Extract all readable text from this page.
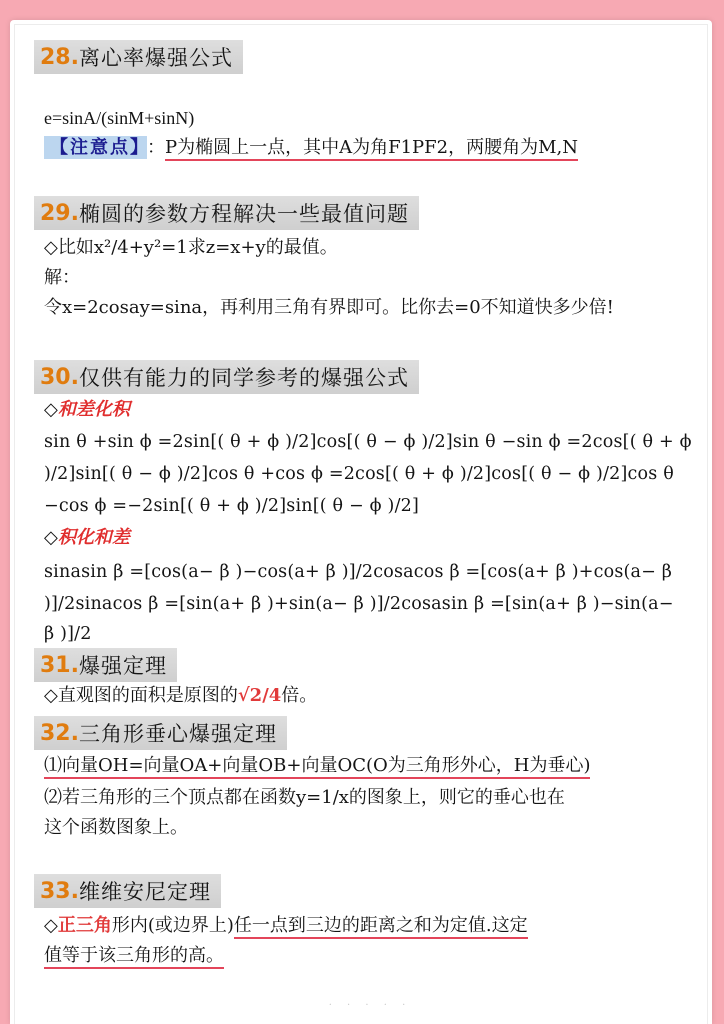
28. 离心率爆强公式
e=sinA/(sinM+sinN)
【注意点】 ：P为椭圆上一点，其中A为角F1PF2，两腰角为M,N
29. 椭圆的参数方程解决一些最值问题
◇比如x²/4+y²=1求z=x+y的最值。
解：
令x=2cosay=sina，再利用三角有界即可。比你去=0不知道快多少倍!
30. 仅供有能力的同学参考的爆强公式
◇和差化积
sin θ +sin ϕ =2sin[( θ + ϕ )/2]cos[( θ − ϕ )/2]sin θ −sin ϕ =2cos[( θ + ϕ
)/2]sin[( θ − ϕ )/2]cos θ +cos ϕ =2cos[( θ + ϕ )/2]cos[( θ − ϕ )/2]cos θ
−cos ϕ =−2sin[( θ + ϕ )/2]sin[( θ − ϕ )/2]
◇积化和差
sinasin β =[cos(a− β )−cos(a+ β )]/2cosacos β =[cos(a+ β )+cos(a− β
)]/2sinacos β =[sin(a+ β )+sin(a− β )]/2cosasin β =[sin(a+ β )−sin(a−
β )]/2
31. 爆强定理
◇直观图的面积是原图的√2/4倍。
32. 三角形垂心爆强定理
⑴向量OH=向量OA+向量OB+向量OC(O为三角形外心，H为垂心)
⑵若三角形的三个顶点都在函数y=1/x的图象上，则它的垂心也在
这个函数图象上。
33. 维维安尼定理
◇正三角形内(或边界上)任一点到三边的距离之和为定值.这定
值等于该三角形的高。
· · · · ·
